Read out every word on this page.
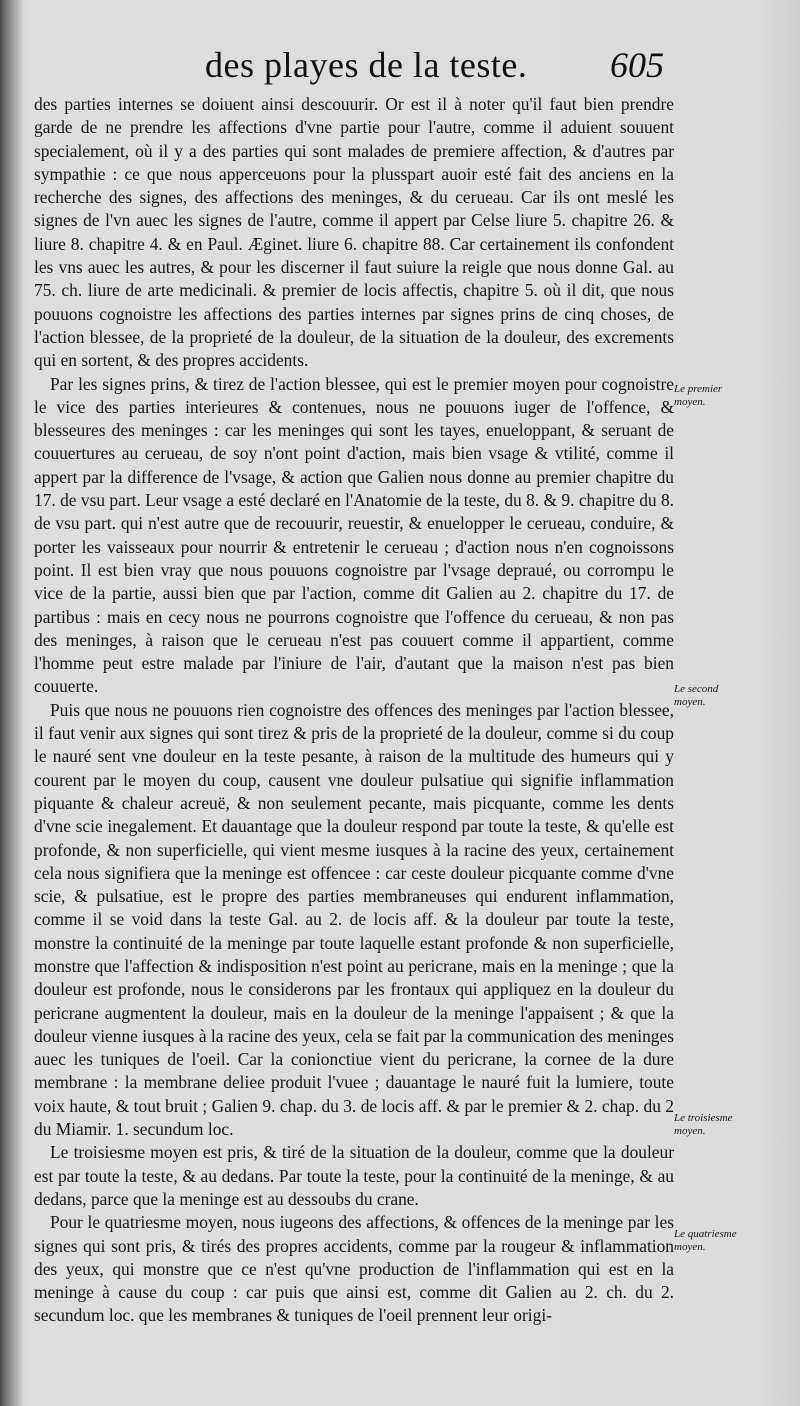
des playes de la teste. 605

des parties internes se doiuent ainsi descouurir. Or est il à noter qu'il faut bien prendre garde de ne prendre les affections d'vne partie pour l'autre, comme il aduient souuent specialement, où il y a des parties qui sont malades de premiere affection, & d'autres par sympathie : ce que nous apperceuons pour la plusspart auoir esté fait des anciens en la recherche des signes, des affections des meninges, & du cerueau. Car ils ont meslé les signes de l'vn auec les signes de l'autre, comme il appert par Celse liure 5. chapitre 26. & liure 8. chapitre 4. & en Paul. Æginet. liure 6. chapitre 88. Car certainement ils confondent les vns auec les autres, & pour les discerner il faut suiure la reigle que nous donne Gal. au 75. ch. liure de arte medicinali. & premier de locis affectis, chapitre 5. où il dit, que nous pouuons cognoistre les affections des parties internes par signes prins de cinq choses, de l'action blessee, de la proprieté de la douleur, de la situation de la douleur, des excrements qui en sortent, & des propres accidents.

Par les signes prins, & tirez de l'action blessee, qui est le premier moyen pour cognoistre le vice des parties interieures & contenues, nous ne pouuons iuger de l'offence, & blesseures des meninges : car les meninges qui sont les tayes, enueloppant, & seruant de couuertures au cerueau, de soy n'ont point d'action, mais bien vsage & vtilité, comme il appert par la difference de l'vsage, & action que Galien nous donne au premier chapitre du 17. de vsu part. Leur vsage a esté declaré en l'Anatomie de la teste, du 8. & 9. chapitre du 8. de vsu part. qui n'est autre que de recouurir, reuestir, & enuelopper le cerueau, conduire, & porter les vaisseaux pour nourrir & entretenir le cerueau ; d'action nous n'en cognoissons point. Il est bien vray que nous pouuons cognoistre par l'vsage depraué, ou corrompu le vice de la partie, aussi bien que par l'action, comme dit Galien au 2. chapitre du 17. de partibus : mais en cecy nous ne pourrons cognoistre que l'offence du cerueau, & non pas des meninges, à raison que le cerueau n'est pas couuert comme il appartient, comme l'homme peut estre malade par l'iniure de l'air, d'autant que la maison n'est pas bien couuerte.

Puis que nous ne pouuons rien cognoistre des offences des meninges par l'action blessee, il faut venir aux signes qui sont tirez & pris de la proprieté de la douleur, comme si du coup le nauré sent vne douleur en la teste pesante, à raison de la multitude des humeurs qui y courent par le moyen du coup, causent vne douleur pulsatiue qui signifie inflammation piquante & chaleur acreuë, & non seulement pecante, mais picquante, comme les dents d'vne scie inegalement. Et dauantage que la douleur respond par toute la teste, & qu'elle est profonde, & non superficielle, qui vient mesme iusques à la racine des yeux, certainement cela nous signifiera que la meninge est offencee : car ceste douleur picquante comme d'vne scie, & pulsatiue, est le propre des parties membraneuses qui endurent inflammation, comme il se void dans la teste Gal. au 2. de locis aff. & la douleur par toute la teste, monstre la continuité de la meninge par toute laquelle estant profonde & non superficielle, monstre que l'affection & indisposition n'est point au pericrane, mais en la meninge ; que la douleur est profonde, nous le considerons par les frontaux qui appliquez en la douleur du pericrane augmentent la douleur, mais en la douleur de la meninge l'appaisent ; & que la douleur vienne iusques à la racine des yeux, cela se fait par la communication des meninges auec les tuniques de l'oeil. Car la conionctiue vient du pericrane, la cornee de la dure membrane : la membrane deliee produit l'vuee ; dauantage le nauré fuit la lumiere, toute voix haute, & tout bruit ; Galien 9. chap. du 3. de locis aff. & par le premier & 2. chap. du 2 du Miamir. 1. secundum loc.

Le troisiesme moyen est pris, & tiré de la situation de la douleur, comme que la douleur est par toute la teste, & au dedans. Par toute la teste, pour la continuité de la meninge, & au dedans, parce que la meninge est au dessoubs du crane.

Pour le quatriesme moyen, nous iugeons des affections, & offences de la meninge par les signes qui sont pris, & tirés des propres accidents, comme par la rougeur & inflammation des yeux, qui monstre que ce n'est qu'vne production de l'inflammation qui est en la meninge à cause du coup : car puis que ainsi est, comme dit Galien au 2. ch. du 2. secundum loc. que les membranes & tuniques de l'oeil prennent leur origi-

Le premier moyen.
Le second moyen.
Le troisiesme moyen.
Le quatriesme moyen.
